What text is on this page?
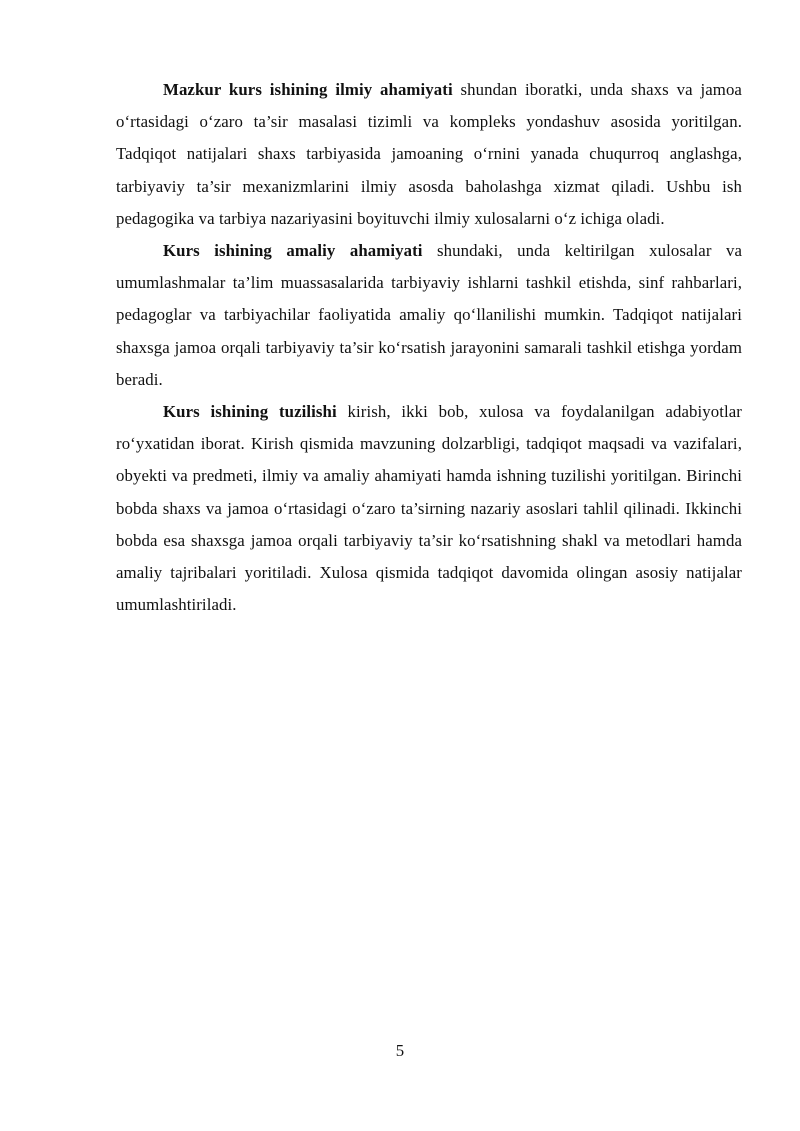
Mazkur kurs ishining ilmiy ahamiyati shundan iboratki, unda shaxs va jamoa o‘rtasidagi o‘zaro ta’sir masalasi tizimli va kompleks yondashuv asosida yoritilgan. Tadqiqot natijalari shaxs tarbiyasida jamoaning o‘rnini yanada chuqurroq anglashga, tarbiyaviy ta’sir mexanizmlarini ilmiy asosda baholashga xizmat qiladi. Ushbu ish pedagogika va tarbiya nazariyasini boyituvchi ilmiy xulosalarni o‘z ichiga oladi.

Kurs ishining amaliy ahamiyati shundaki, unda keltirilgan xulosalar va umumlashmalar ta’lim muassasalarida tarbiyaviy ishlarni tashkil etishda, sinf rahbarlari, pedagoglar va tarbiyachilar faoliyatida amaliy qo‘llanilishi mumkin. Tadqiqot natijalari shaxsga jamoa orqali tarbiyaviy ta’sir ko‘rsatish jarayonini samarali tashkil etishga yordam beradi.

Kurs ishining tuzilishi kirish, ikki bob, xulosa va foydalanilgan adabiyotlar ro‘yxatidan iborat. Kirish qismida mavzuning dolzarbligi, tadqiqot maqsadi va vazifalari, obyekti va predmeti, ilmiy va amaliy ahamiyati hamda ishning tuzilishi yoritilgan. Birinchi bobda shaxs va jamoa o‘rtasidagi o‘zaro ta’sirning nazariy asoslari tahlil qilinadi. Ikkinchi bobda esa shaxsga jamoa orqali tarbiyaviy ta’sir ko‘rsatishning shakl va metodlari hamda amaliy tajribalari yoritiladi. Xulosa qismida tadqiqot davomida olingan asosiy natijalar umumlashtiriladi.

5
